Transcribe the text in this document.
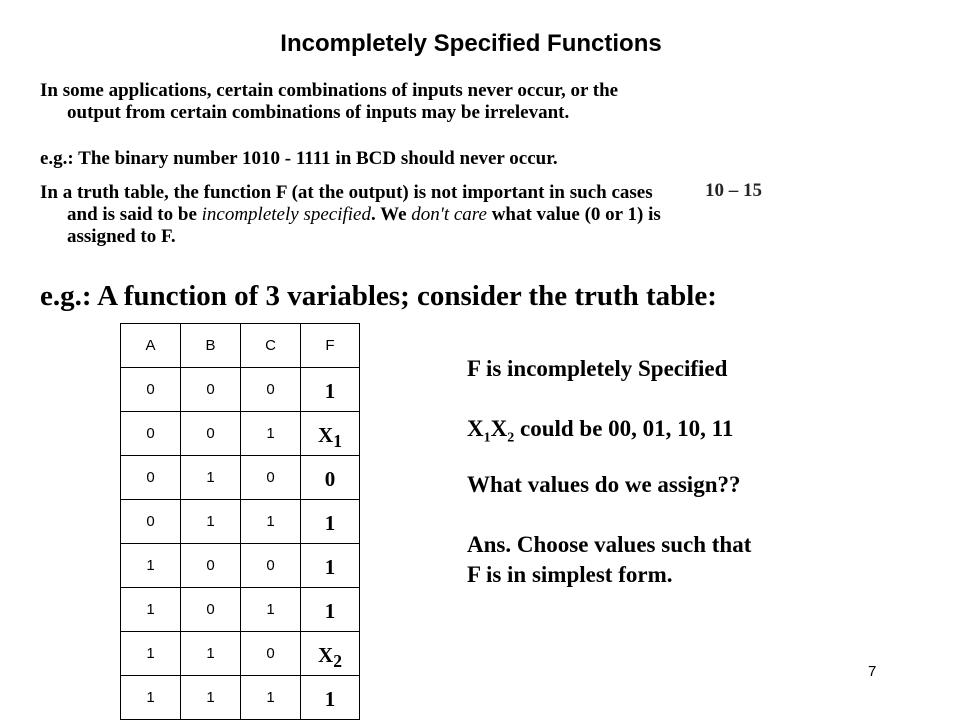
Incompletely Specified Functions
In some applications, certain combinations of inputs never occur, or the
output from certain combinations of inputs may be irrelevant.
e.g.: The binary number 1010 - 1111 in BCD should never occur.
In a truth table, the function F (at the output) is not important in such cases
and is said to be incompletely specified. We don't care what value (0 or 1) is
assigned to F.
10 – 15
e.g.: A function of 3 variables; consider the truth table:
A	B	C	F
0	0	0	1
0	0	1	$X_1$
0	1	0	0
0	1	1	1
1	0	0	1
1	0	1	1
1	1	0	$X_2$
1	1	1	1
F is incompletely Specified
$X_1X_2$ could be 00, 01, 10, 11
What values do we assign??
Ans. Choose values such that
F is in simplest form.
7
